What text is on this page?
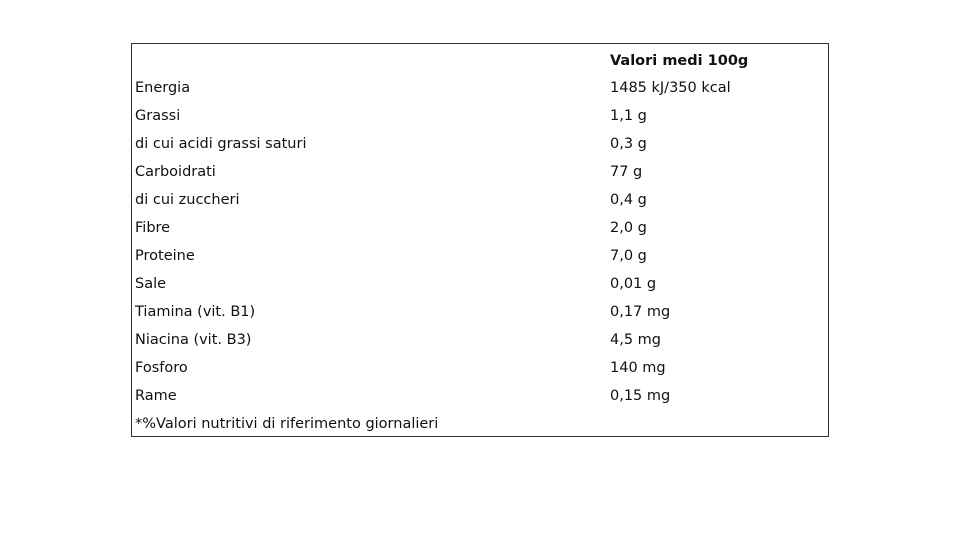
Valori medi 100g
Energia	1485 kJ/350 kcal
Grassi	1,1 g
di cui acidi grassi saturi	0,3 g
Carboidrati	77 g
di cui zuccheri	0,4 g
Fibre	2,0 g
Proteine	7,0 g
Sale	0,01 g
Tiamina (vit. B1)	0,17 mg
Niacina (vit. B3)	4,5 mg
Fosforo	140 mg
Rame	0,15 mg
*%Valori nutritivi di riferimento giornalieri
